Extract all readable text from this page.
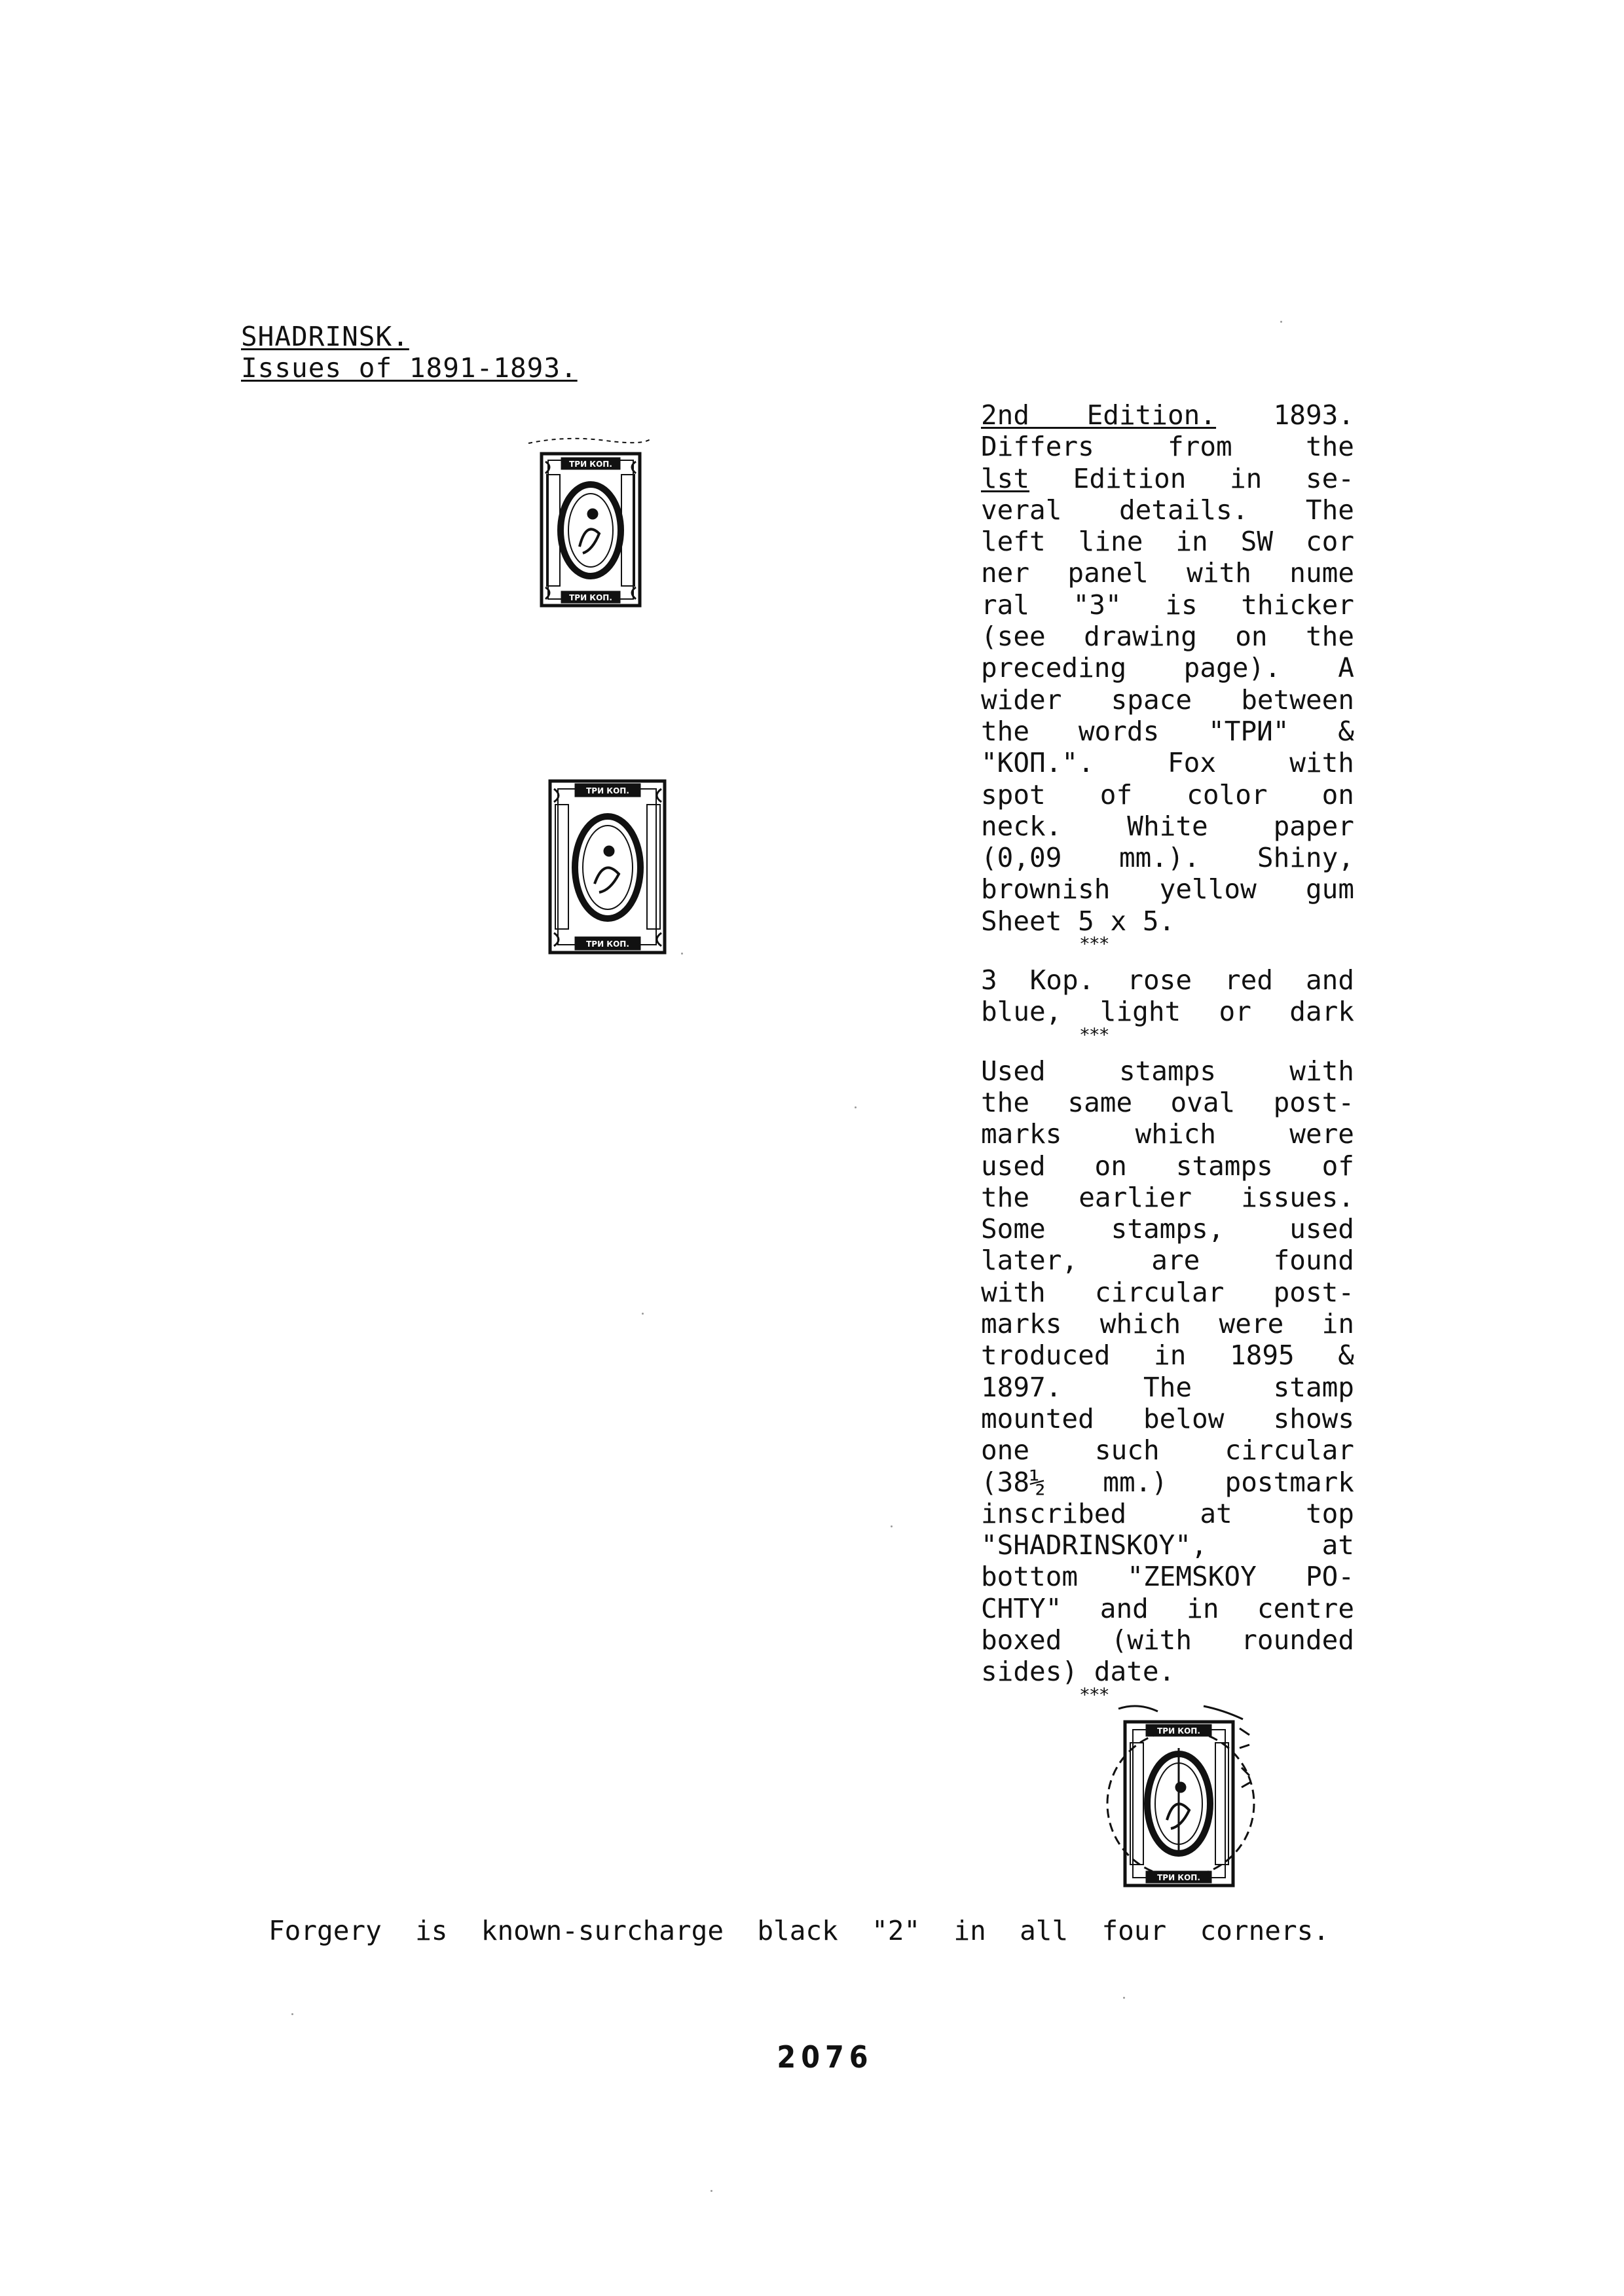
SHADRINSK.
Issues of 1891-1893.
ТРИ КОП.
ТРИ КОП.
ТРИ КОП.
ТРИ КОП.
2nd Edition. 1893.
Differs from the
lst Edition in se-
veral details. The
left line in SW cor
ner panel with nume
ral "3" is thicker
(see drawing on the
preceding page). A
wider space between
the words "TPИ" &
"KOП.". Fox with
spot of color on
neck. White paper
(0,09 mm.). Shiny,
brownish yellow gum
Sheet 5 x 5.
***
3 Kop. rose red and
blue, light or dark
***
Used stamps with
the same oval post-
marks which were
used on stamps of
the earlier issues.
Some stamps, used
later, are found
with circular post-
marks which were in
troduced in 1895 &
1897. The stamp
mounted below shows
one such circular
(38½ mm.) postmark
inscribed at top
"SHADRINSKOY", at
bottom "ZEMSKOY PO-
CHTY" and in centre
boxed (with rounded
sides) date.
***
ТРИ КОП.
ТРИ КОП.
Forgery is known-surcharge black "2" in all four corners.
2076
